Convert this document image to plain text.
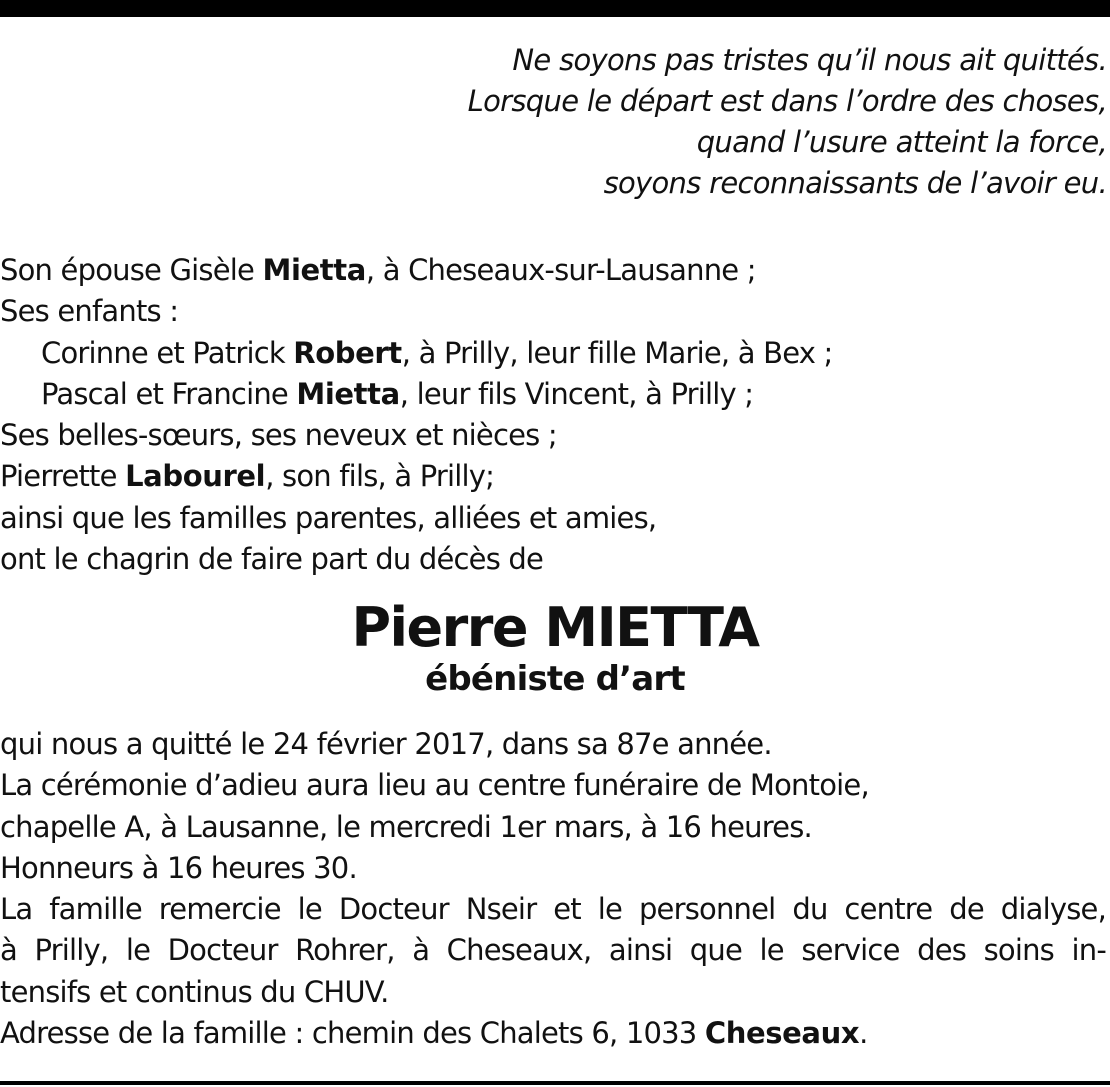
Ne soyons pas tristes qu’il nous ait quittés.
Lorsque le départ est dans l’ordre des choses,
quand l’usure atteint la force,
soyons reconnaissants de l’avoir eu.
Son épouse Gisèle Mietta, à Cheseaux-sur-Lausanne ;
Ses enfants :
Corinne et Patrick Robert, à Prilly, leur fille Marie, à Bex ;
Pascal et Francine Mietta, leur fils Vincent, à Prilly ;
Ses belles-sœurs, ses neveux et nièces ;
Pierrette Labourel, son fils, à Prilly;
ainsi que les familles parentes, alliées et amies,
ont le chagrin de faire part du décès de
Pierre MIETTA
ébéniste d’art
qui nous a quitté le 24 février 2017, dans sa 87e année.
La cérémonie d’adieu aura lieu au centre funéraire de Montoie,
chapelle A, à Lausanne, le mercredi 1er mars, à 16 heures.
Honneurs à 16 heures 30.
La famille remercie le Docteur Nseir et le personnel du centre de dialyse,
à Prilly, le Docteur Rohrer, à Cheseaux, ainsi que le service des soins in-
tensifs et continus du CHUV.
Adresse de la famille : chemin des Chalets 6, 1033 Cheseaux.
